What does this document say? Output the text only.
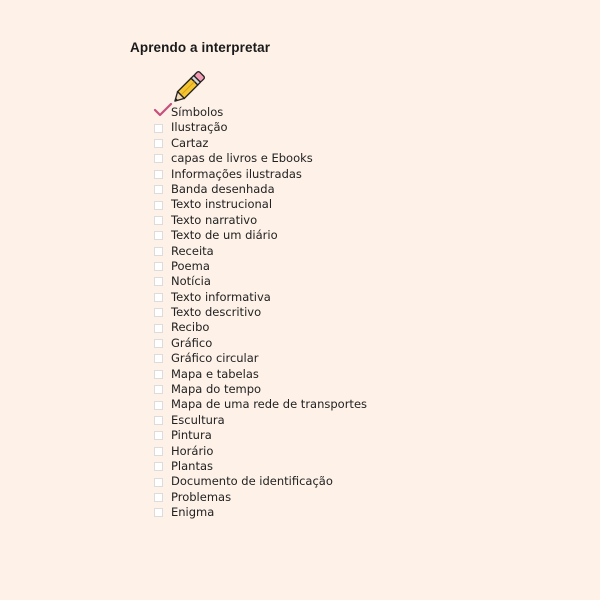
Aprendo a interpretar
Símbolos
Ilustração
Cartaz
capas de livros e Ebooks
Informações ilustradas
Banda desenhada
Texto instrucional
Texto narrativo
Texto de um diário
Receita
Poema
Notícia
Texto informativa
Texto descritivo
Recibo
Gráfico
Gráfico circular
Mapa e tabelas
Mapa do tempo
Mapa de uma rede de transportes
Escultura
Pintura
Horário
Plantas
Documento de identificação
Problemas
Enigma
